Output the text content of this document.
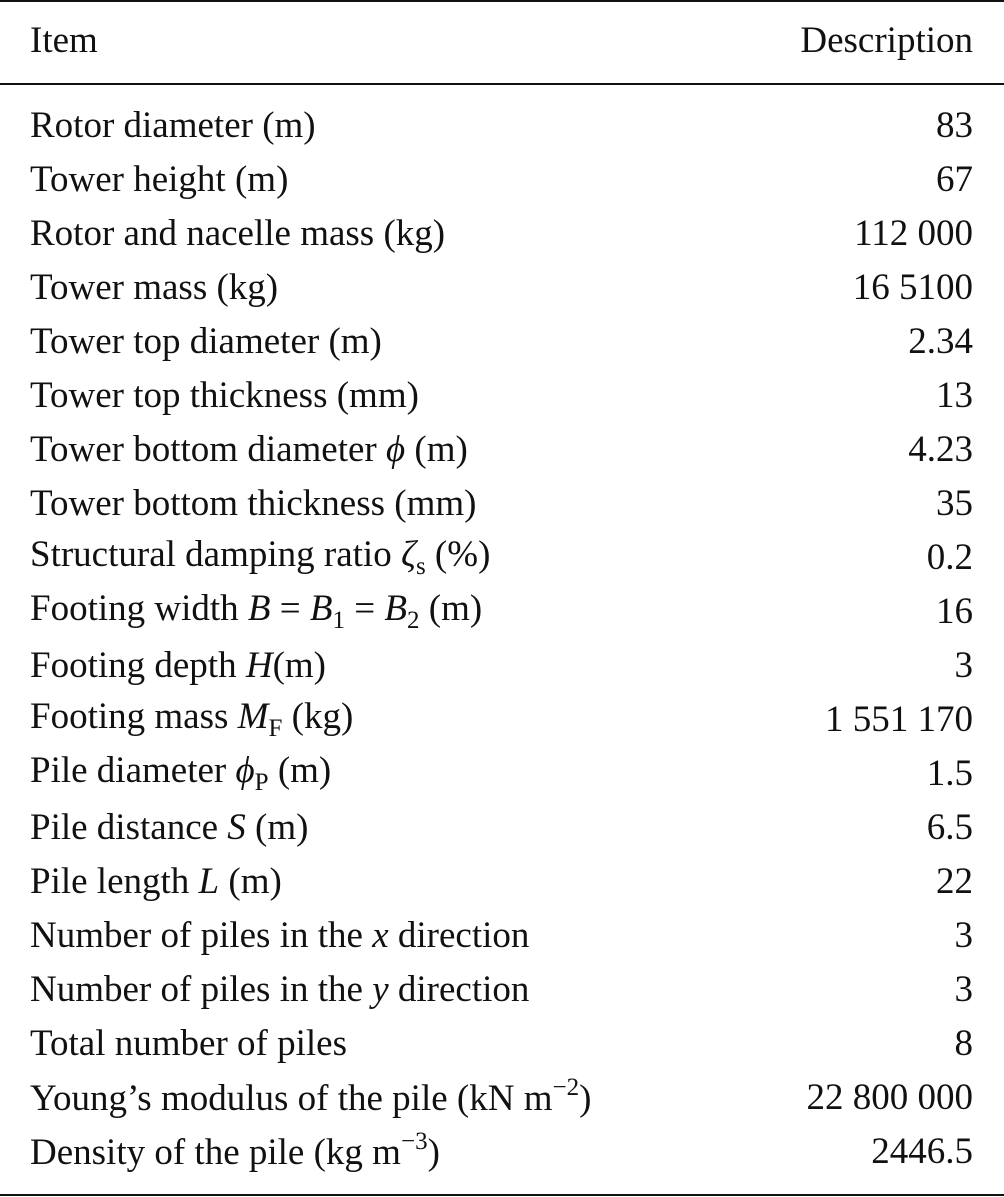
Item	Description
Rotor diameter (m)	83
Tower height (m)	67
Rotor and nacelle mass (kg)	112 000
Tower mass (kg)	16 5100
Tower top diameter (m)	2.34
Tower top thickness (mm)	13
Tower bottom diameter ϕ (m)	4.23
Tower bottom thickness (mm)	35
Structural damping ratio $\zeta_s$ (%)	0.2
Footing width $B = B_1 = B_2$ (m)	16
Footing depth H(m)	3
Footing mass $M_F$ (kg)	1 551 170
Pile diameter $\phi_P$ (m)	1.5
Pile distance S (m)	6.5
Pile length L (m)	22
Number of piles in the x direction	3
Number of piles in the y direction	3
Total number of piles	8
Young’s modulus of the pile (kN $m^{-2}$)	22 800 000
Density of the pile (kg $m^{-3}$)	2446.5
